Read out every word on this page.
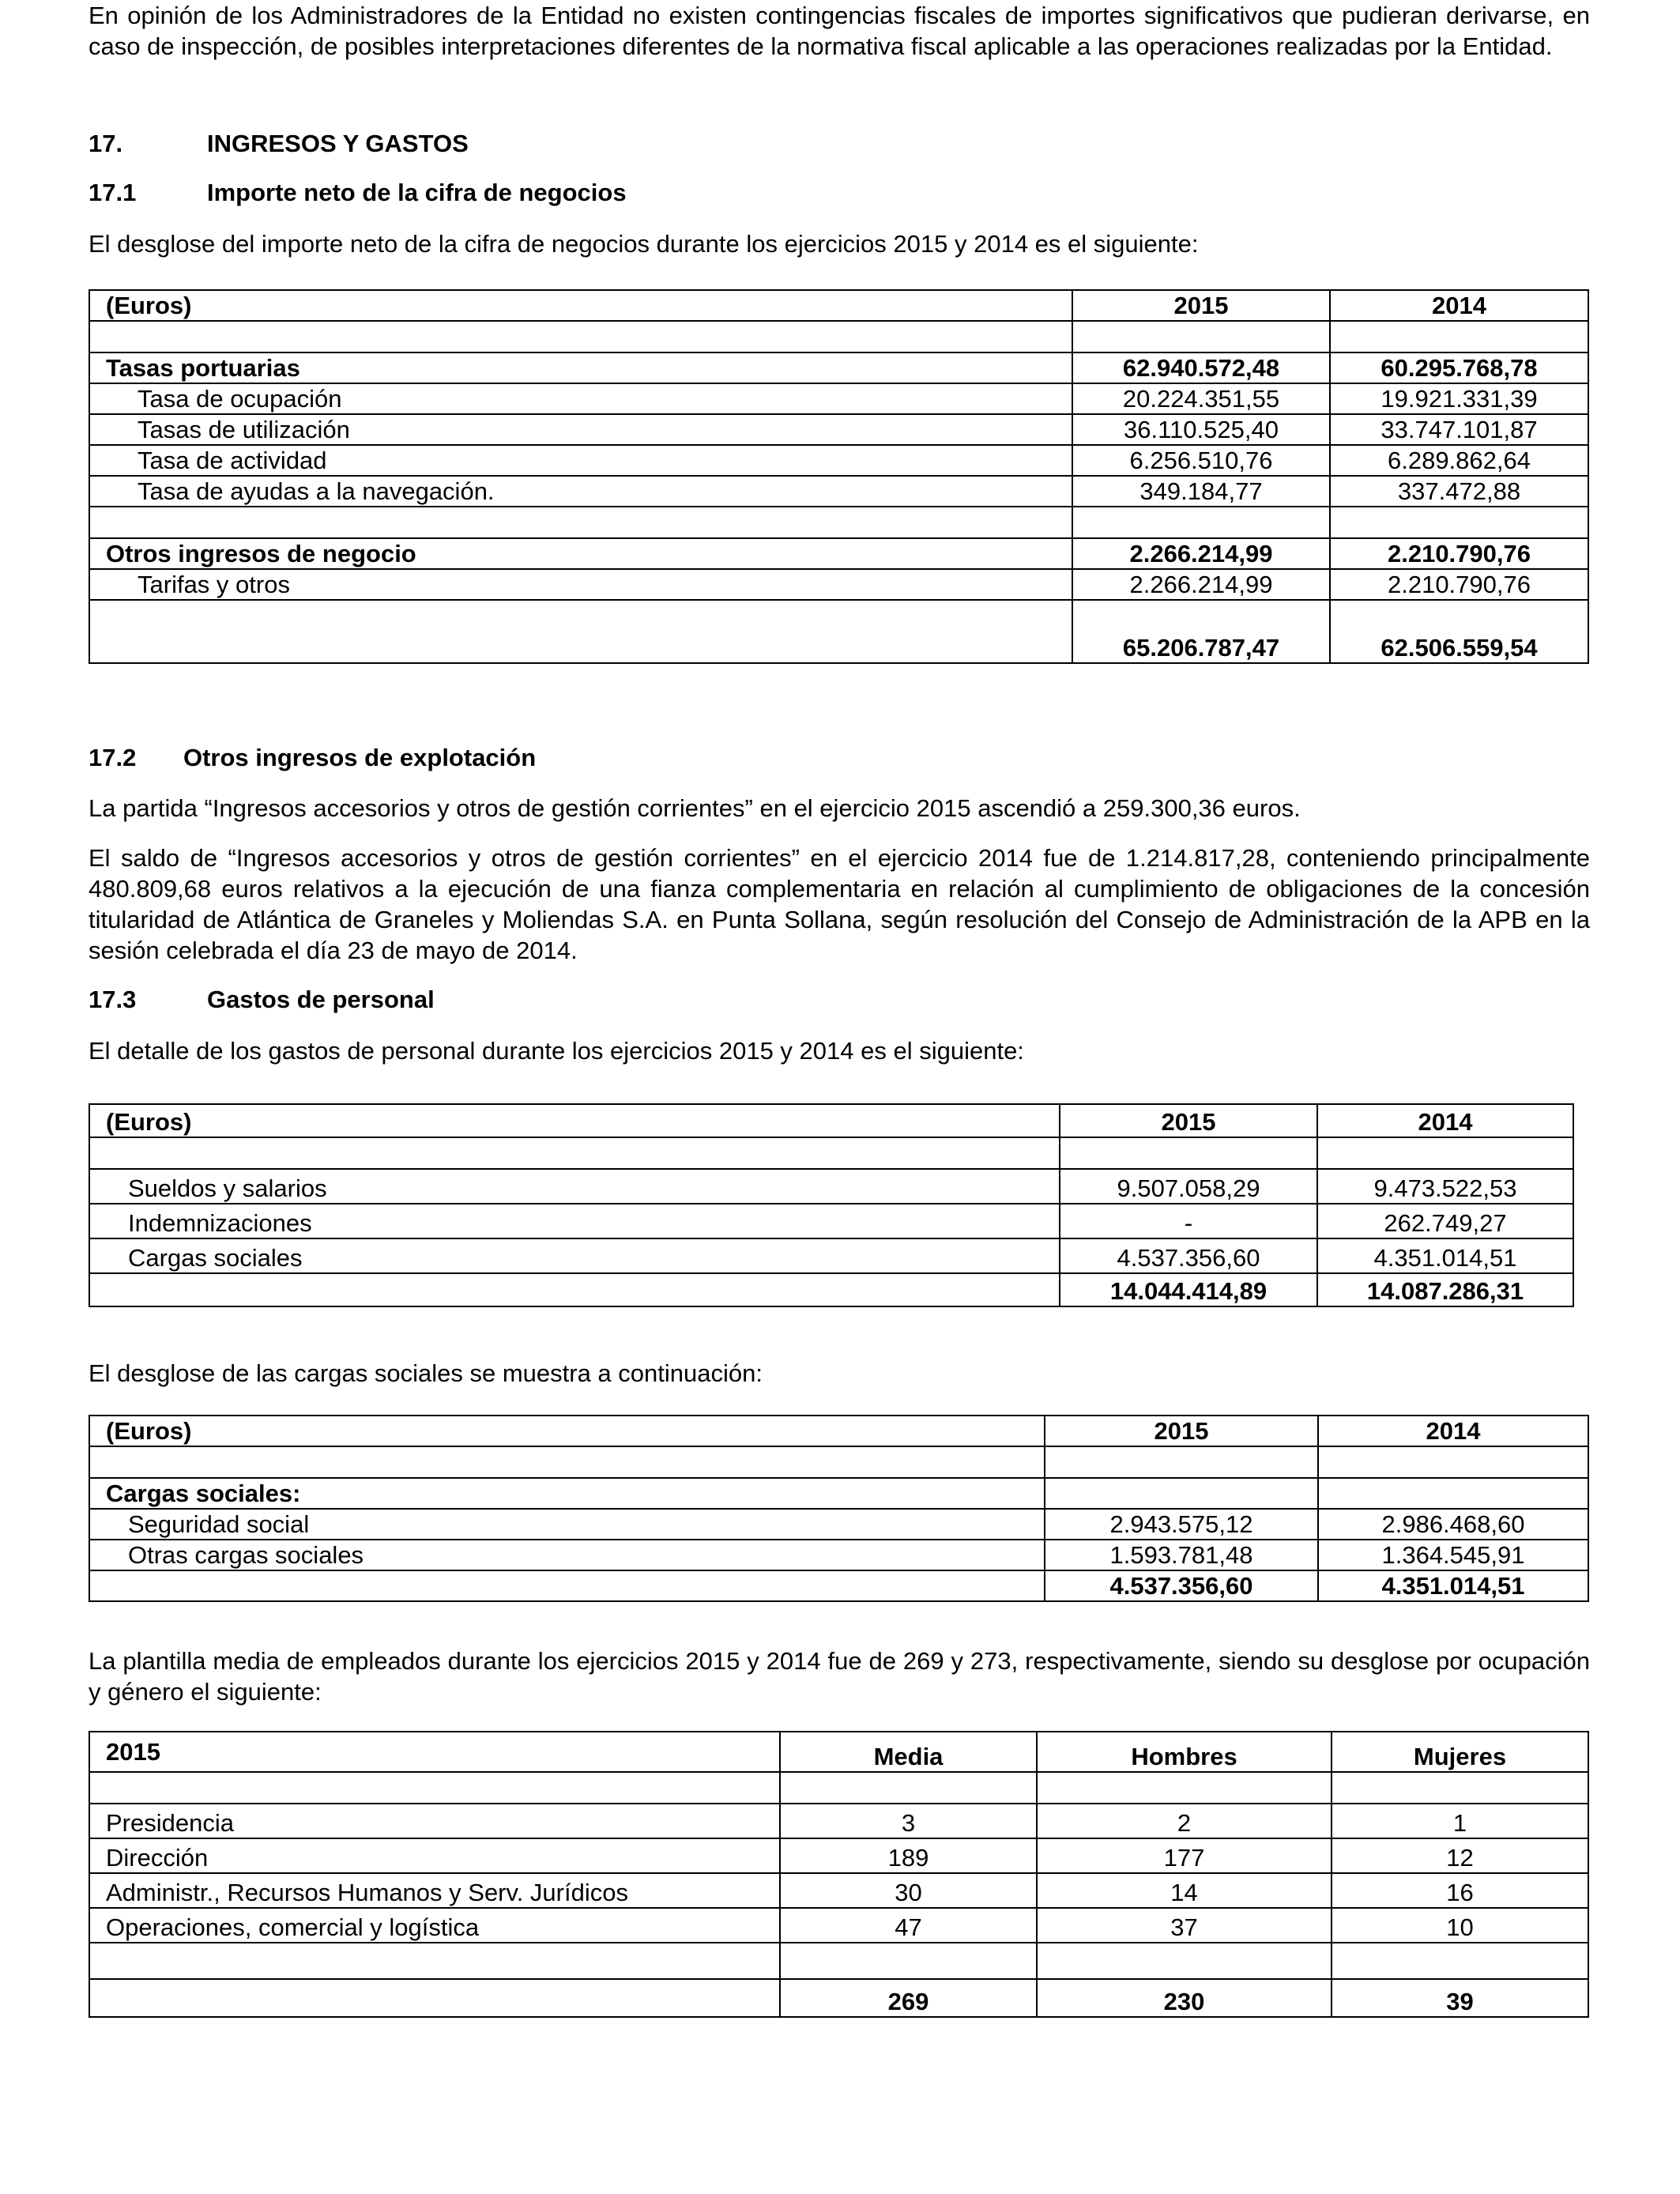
En opinión de los Administradores de la Entidad no existen contingencias fiscales de importes significativos que pudieran derivarse, en caso de inspección, de posibles interpretaciones diferentes de la normativa fiscal aplicable a las operaciones realizadas por la Entidad.

17.	INGRESOS Y GASTOS
17.1	Importe neto de la cifra de negocios

El desglose del importe neto de la cifra de negocios durante los ejercicios 2015 y 2014 es el siguiente:

(Euros)	2015	2014

Tasas portuarias	62.940.572,48	60.295.768,78
Tasa de ocupación	20.224.351,55	19.921.331,39
Tasas de utilización	36.110.525,40	33.747.101,87
Tasa de actividad	6.256.510,76	6.289.862,64
Tasa de ayudas a la navegación.	349.184,77	337.472,88

Otros ingresos de negocio	2.266.214,99	2.210.790,76
Tarifas y otros	2.266.214,99	2.210.790,76
	65.206.787,47	62.506.559,54
17.2 Otros ingresos de explotación

La partida “Ingresos accesorios y otros de gestión corrientes” en el ejercicio 2015 ascendió a 259.300,36 euros.

El saldo de “Ingresos accesorios y otros de gestión corrientes” en el ejercicio 2014 fue de 1.214.817,28, conteniendo principalmente 480.809,68 euros relativos a la ejecución de una fianza complementaria en relación al cumplimiento de obligaciones de la concesión titularidad de Atlántica de Graneles y Moliendas S.A. en Punta Sollana, según resolución del Consejo de Administración de la APB en la sesión celebrada el día 23 de mayo de 2014.

17.3	Gastos de personal

El detalle de los gastos de personal durante los ejercicios 2015 y 2014 es el siguiente:

(Euros)	2015	2014

Sueldos y salarios	9.507.058,29	9.473.522,53
Indemnizaciones	-	262.749,27
Cargas sociales	4.537.356,60	4.351.014,51
	14.044.414,89	14.087.286,31

El desglose de las cargas sociales se muestra a continuación:

(Euros)	2015	2014

Cargas sociales:		
Seguridad social	2.943.575,12	2.986.468,60
Otras cargas sociales	1.593.781,48	1.364.545,91
	4.537.356,60	4.351.014,51

La plantilla media de empleados durante los ejercicios 2015 y 2014 fue de 269 y 273, respectivamente, siendo su desglose por ocupación y género el siguiente:

2015	Media	Hombres	Mujeres

Presidencia	3	2	1
Dirección	189	177	12
Administr., Recursos Humanos y Serv. Jurídicos	30	14	16
Operaciones, comercial y logística	47	37	10

	269	230	39
